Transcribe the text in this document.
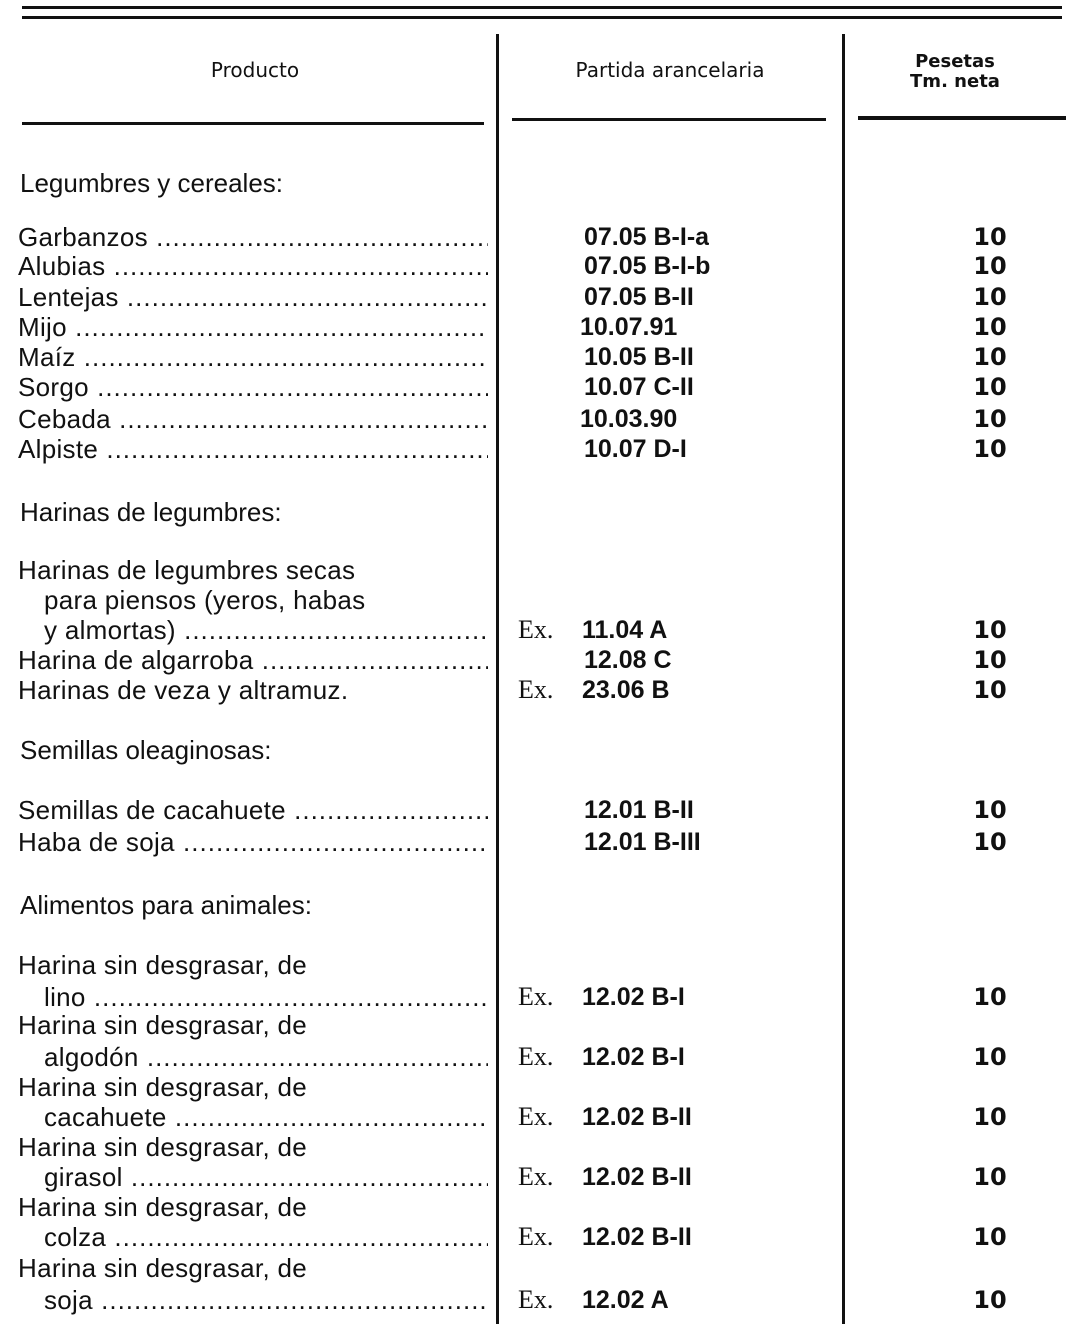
Producto	Partida arancelaria	Pesetas
Tm. neta
Legumbres y cereales:
Garbanzos .....	07.05 B-I-a	10
Alubias .....	07.05 B-I-b	10
Lentejas .....	07.05 B-II	10
Mijo .....	10.07.91	10
Maíz .....	10.05 B-II	10
Sorgo .....	10.07 C-II	10
Cebada .....	10.03.90	10
Alpiste .....	10.07 D-I	10
Harinas de legumbres:
Harinas de legumbres secas
para piensos (yeros, habas
y almortas) .....	Ex. 11.04 A	10
Harina de algarroba .....	12.08 C	10
Harinas de veza y altramuz.	Ex. 23.06 B	10
Semillas oleaginosas:
Semillas de cacahuete .....	12.01 B-II	10
Haba de soja .....	12.01 B-III	10
Alimentos para animales:
Harina sin desgrasar, de
lino .....	Ex. 12.02 B-I	10
Harina sin desgrasar, de
algodón .....	Ex. 12.02 B-I	10
Harina sin desgrasar, de
cacahuete .....	Ex. 12.02 B-II	10
Harina sin desgrasar, de
girasol .....	Ex. 12.02 B-II	10
Harina sin desgrasar, de
colza .....	Ex. 12.02 B-II	10
Harina sin desgrasar, de
soja .....	Ex. 12.02 A	10
